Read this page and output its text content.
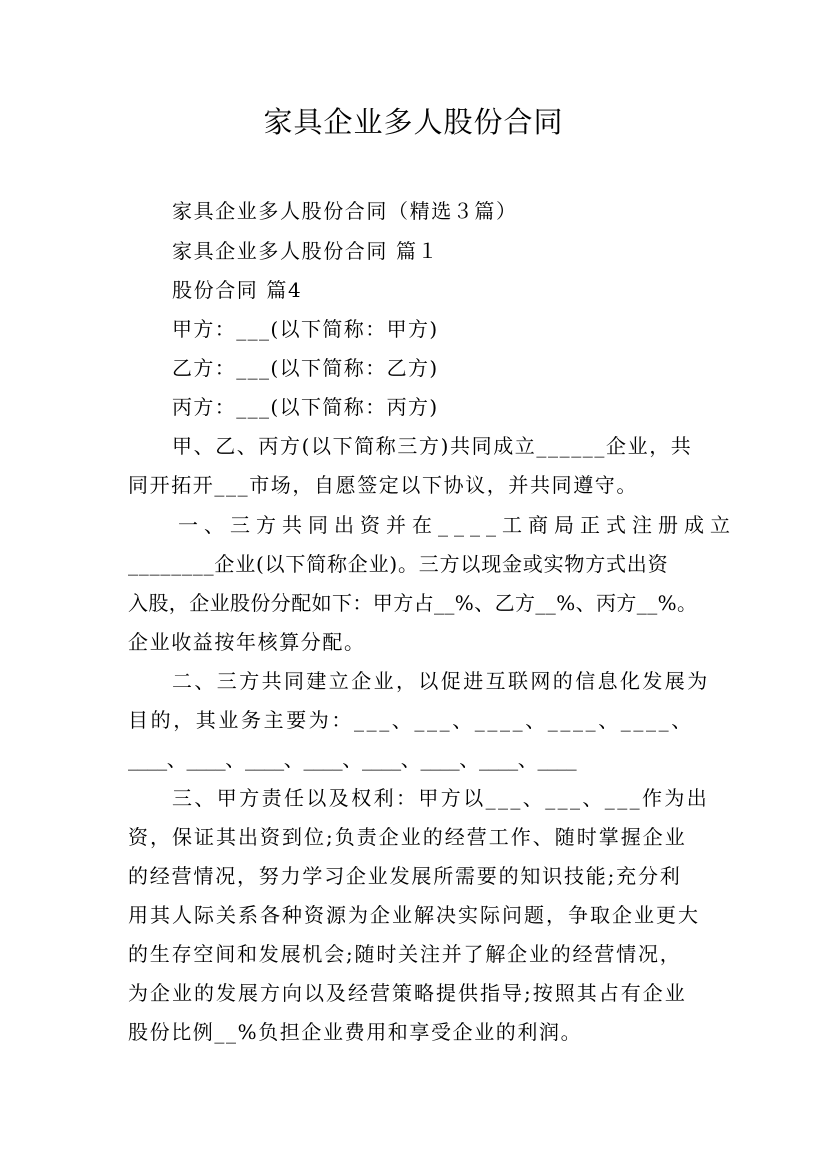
家具企业多人股份合同
家具企业多人股份合同（精选３篇）
家具企业多人股份合同 篇１
股份合同 篇4
甲方：___(以下简称：甲方)
乙方：___(以下简称：乙方)
丙方：___(以下简称：丙方)
甲、乙、丙方(以下简称三方)共同成立______企业，共
同开拓开___市场，自愿签定以下协议，并共同遵守。
一、三方共同出资并在____工商局正式注册成立
________企业(以下简称企业)。三方以现金或实物方式出资
入股，企业股份分配如下：甲方占__%、乙方__%、丙方__%。
企业收益按年核算分配。
二、三方共同建立企业，以促进互联网的信息化发展为
目的，其业务主要为：___、___、____、____、____、
____、____、____、____、____、____、____、____
三、甲方责任以及权利：甲方以___、___、___作为出
资，保证其出资到位;负责企业的经营工作、随时掌握企业
的经营情况，努力学习企业发展所需要的知识技能;充分利
用其人际关系各种资源为企业解决实际问题，争取企业更大
的生存空间和发展机会;随时关注并了解企业的经营情况，
为企业的发展方向以及经营策略提供指导;按照其占有企业
股份比例__%负担企业费用和享受企业的利润。
